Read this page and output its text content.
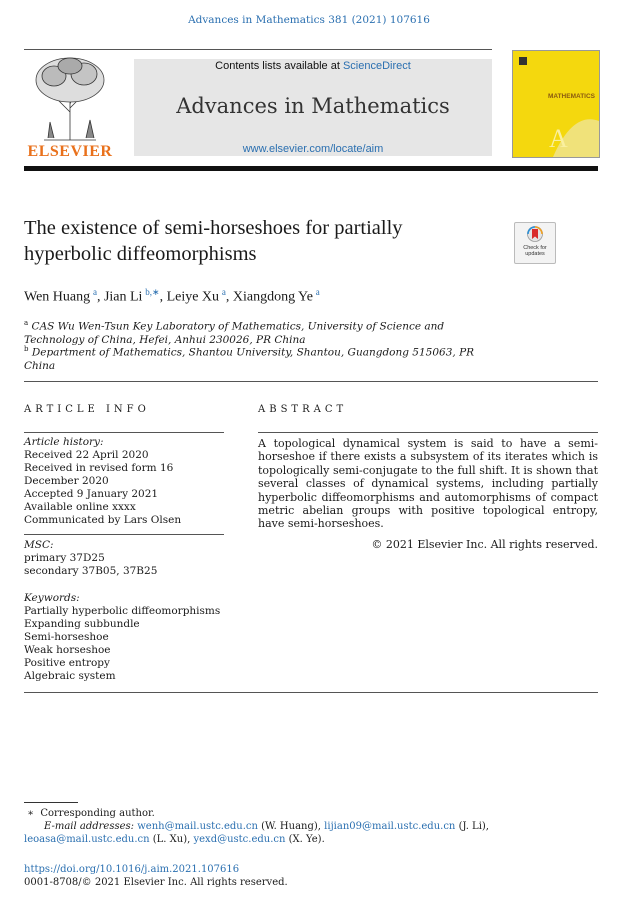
Advances in Mathematics 381 (2021) 107616
ELSEVIER
Contents lists available at ScienceDirect
Advances in Mathematics
www.elsevier.com/locate/aim	A
MATHEMATICS
The existence of semi-horseshoes for partially
hyperbolic diffeomorphisms	Check for updates
Wen Huang  $^a$, Jian Li  $^{b,∗}$, Leiye Xu  $^a$, Xiangdong Ye  $^a$
$^a$ CAS Wu Wen-Tsun Key Laboratory of Mathematics, University of Science and Technology of China, Hefei, Anhui 230026, PR China
$^b$ Department of Mathematics, Shantou University, Shantou, Guangdong 515063, PR China
ARTICLE INFO
Article history:
Received 22 April 2020
Received in revised form 16 December 2020
Accepted 9 January 2021
Available online xxxx
Communicated by Lars Olsen
MSC:
primary 37D25
secondary 37B05, 37B25
Keywords:
Partially hyperbolic diffeomorphisms
Expanding subbundle
Semi-horseshoe
Weak horseshoe
Positive entropy
Algebraic system
ABSTRACT
A topological dynamical system is said to have a semi-horseshoe if there exists a subsystem of its iterates which is topologically semi-conjugate to the full shift. It is shown that several classes of dynamical systems, including partially hyperbolic diffeomorphisms and automorphisms of compact metric abelian groups with positive topological entropy, have semi-horseshoes.
© 2021 Elsevier Inc. All rights reserved.
∗ Corresponding author.
E-mail addresses: wenh@mail.ustc.edu.cn (W. Huang), lijian09@mail.ustc.edu.cn (J. Li),
leoasa@mail.ustc.edu.cn (L. Xu), yexd@ustc.edu.cn (X. Ye).
https://doi.org/10.1016/j.aim.2021.107616
0001-8708/© 2021 Elsevier Inc. All rights reserved.
